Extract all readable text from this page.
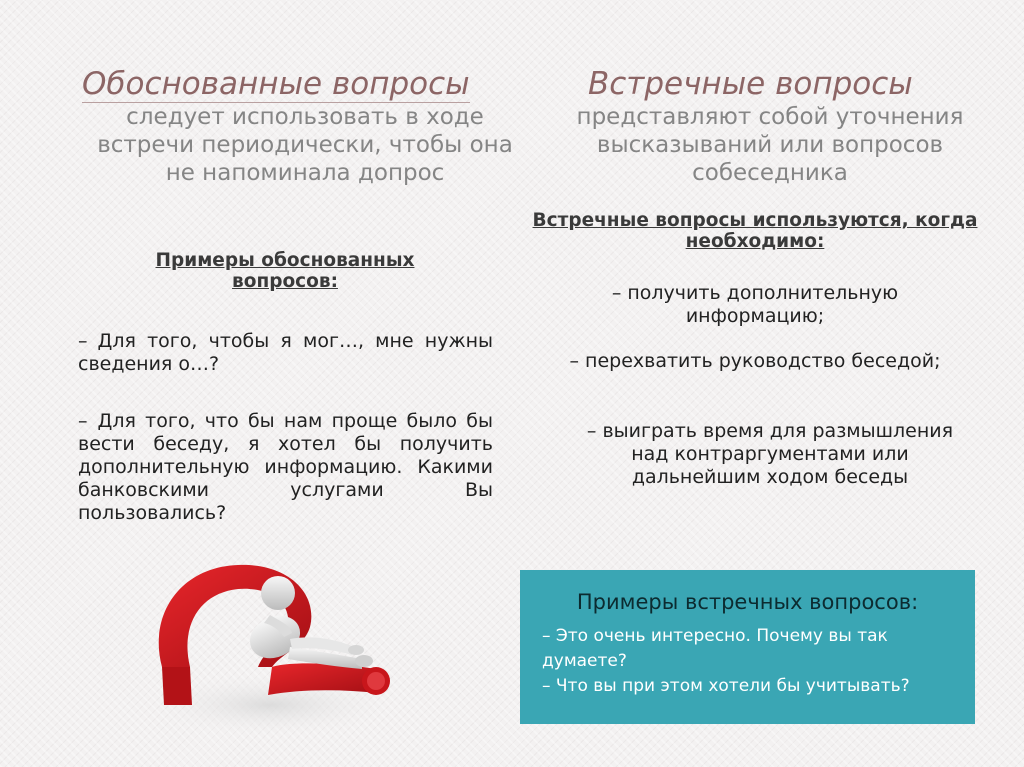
Обоснованные вопросы
следует использовать в ходе встречи периодически, чтобы она не напоминала допрос
Примеры обоснованных вопросов:
– Для того, чтобы я мог…, мне нужны сведения о…?
– Для того, что бы нам проще было бы вести беседу, я хотел бы получить дополнительную информацию. Какими банковскими услугами Вы пользовались?
Встречные вопросы
представляют собой уточнения высказываний или вопросов собеседника
Встречные вопросы используются, когда необходимо:
– получить дополнительную информацию;
– перехватить руководство беседой;
– выиграть время для размышления над контраргументами или дальнейшим ходом беседы
Примеры встречных вопросов:
– Это очень интересно. Почему вы так думаете?
– Что вы при этом хотели бы учитывать?
